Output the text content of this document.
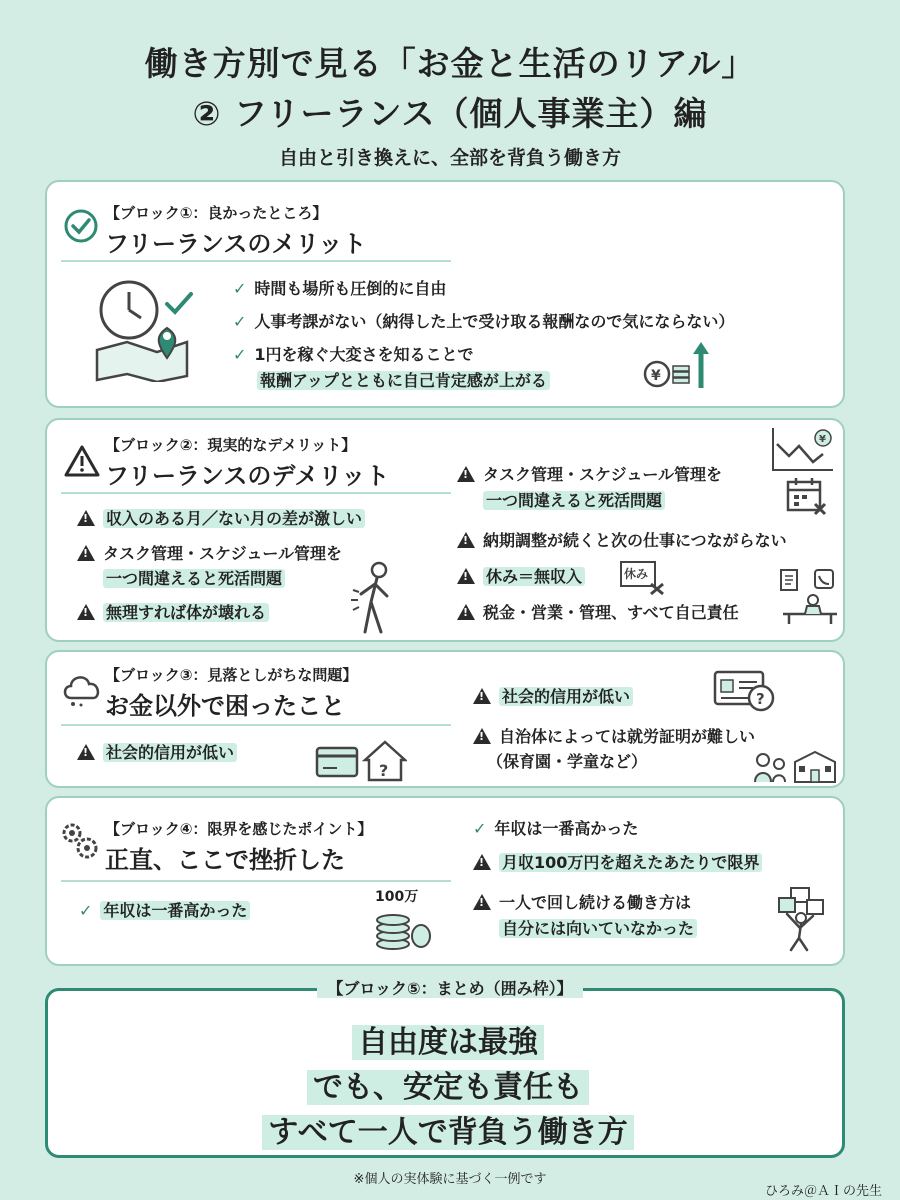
働き方別で見る「お金と生活のリアル」
② フリーランス（個人事業主）編
自由と引き換えに、全部を背負う働き方
【ブロック①：良かったところ】
フリーランスのメリット
✓ 時間も場所も圧倒的に自由
✓ 人事考課がない（納得した上で受け取る報酬なので気にならない）
✓ 1円を稼ぐ大変さを知ることで
報酬アップとともに自己肯定感が上がる	¥
【ブロック②：現実的なデメリット】
フリーランスのデメリット
!収入のある月／ない月の差が激しい
!タスク管理・スケジュール管理を
一つ間違えると死活問題
!無理すれば体が壊れる
¥
!タスク管理・スケジュール管理を
一つ間違えると死活問題
!納期調整が続くと次の仕事につながらない
!休み＝無収入	休み
!税金・営業・管理、すべて自己責任
【ブロック③：見落としがちな問題】
お金以外で困ったこと
!社会的信用が低い
?
!社会的信用が低い	?
!自治体によっては就労証明が難しい
（保育園・学童など）
【ブロック④：限界を感じたポイント】
正直、ここで挫折した
✓ 年収は一番高かった
100万
✓ 年収は一番高かった
!月収100万円を超えたあたりで限界
!一人で回し続ける働き方は
自分には向いていなかった
自由度は最強
でも、安定も責任も
すべて一人で背負う働き方
【ブロック⑤：まとめ（囲み枠）】
※個人の実体験に基づく一例です
ひろみ＠ＡＩの先生
